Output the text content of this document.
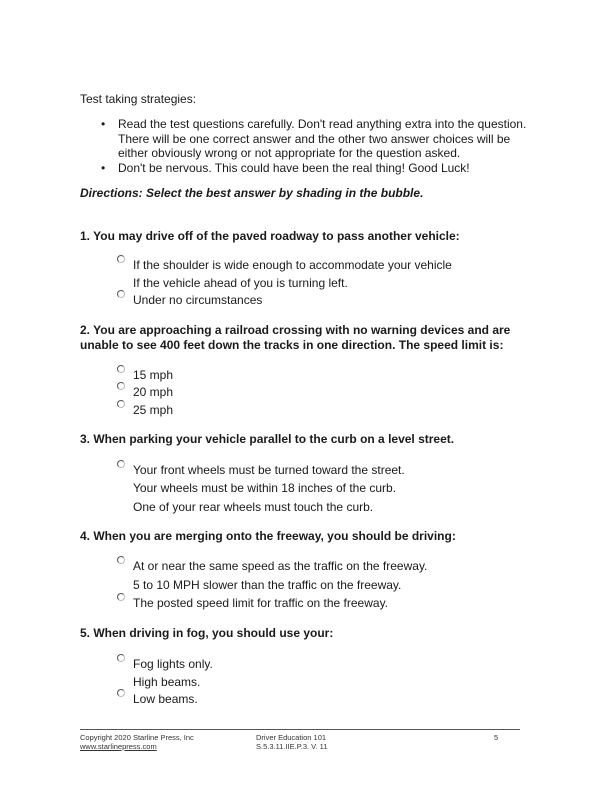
Test taking strategies:
• Read the test questions carefully. Don't read anything extra into the question. There will be one correct answer and the other two answer choices will be either obviously wrong or not appropriate for the question asked.
• Don't be nervous. This could have been the real thing! Good Luck!
Directions: Select the best answer by shading in the bubble.
1. You may drive off of the paved roadway to pass another vehicle:
If the shoulder is wide enough to accommodate your vehicle
If the vehicle ahead of you is turning left.
Under no circumstances
2. You are approaching a railroad crossing with no warning devices and are unable to see 400 feet down the tracks in one direction. The speed limit is:
15 mph
20 mph
25 mph
3. When parking your vehicle parallel to the curb on a level street.
Your front wheels must be turned toward the street.
Your wheels must be within 18 inches of the curb.
One of your rear wheels must touch the curb.
4. When you are merging onto the freeway, you should be driving:
At or near the same speed as the traffic on the freeway.
5 to 10 MPH slower than the traffic on the freeway.
The posted speed limit for traffic on the freeway.
5. When driving in fog, you should use your:
Fog lights only.
High beams.
Low beams.
Copyright 2020 Starline Press, Inc
www.starlinepress.com
Driver Education 101
S.5.3.11.IIE.P.3. V. 11
5
